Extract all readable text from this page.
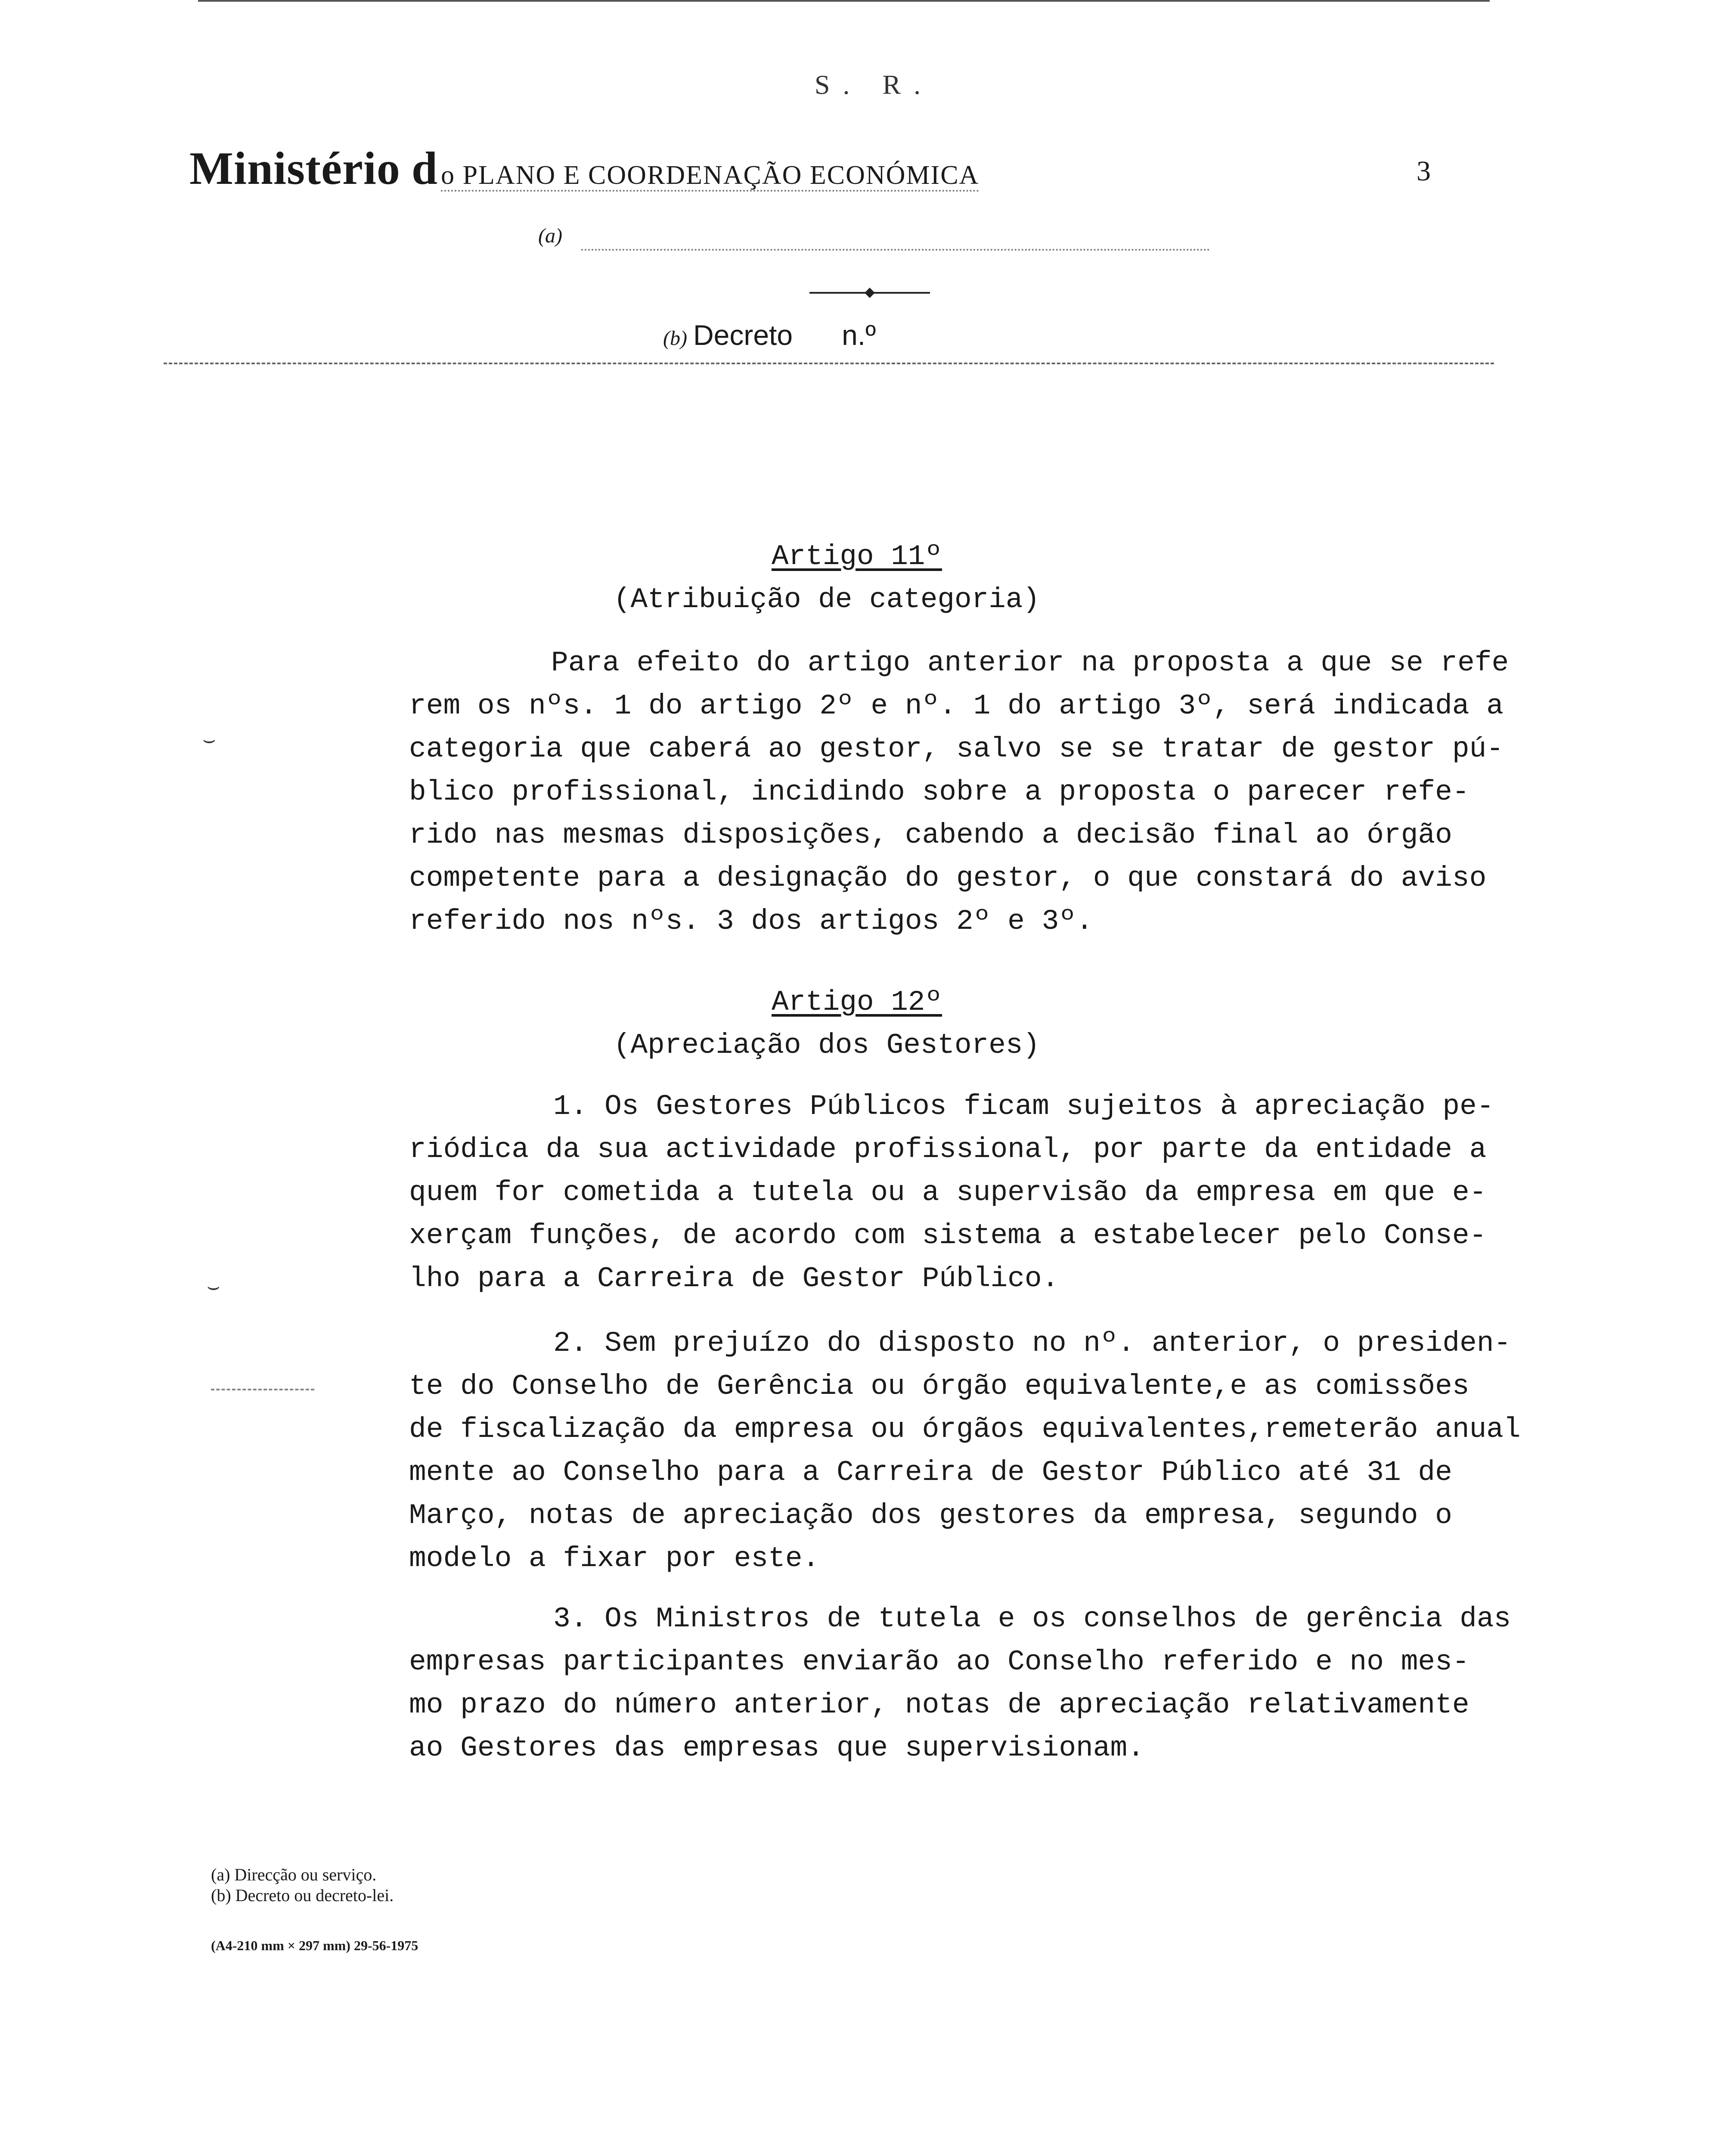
S. R.
Ministério d o PLANO E COORDENAÇÃO ECONÓMICA	3
(a)
(b) Decreto n.º
Artigo 11º
(Atribuição de categoria)
Para efeito do artigo anterior na proposta a que se refe
rem os nºs. 1 do artigo 2º e nº. 1 do artigo 3º, será indicada a
categoria que caberá ao gestor, salvo se se tratar de gestor pú-
blico profissional, incidindo sobre a proposta o parecer refe-
rido nas mesmas disposições, cabendo a decisão final ao órgão
competente para a designação do gestor, o que constará do aviso
referido nos nºs. 3 dos artigos 2º e 3º.
Artigo 12º
(Apreciação dos Gestores)
1. Os Gestores Públicos ficam sujeitos à apreciação pe-
riódica da sua actividade profissional, por parte da entidade a
quem for cometida a tutela ou a supervisão da empresa em que e-
xerçam funções, de acordo com sistema a estabelecer pelo Conse-
lho para a Carreira de Gestor Público.
2. Sem prejuízo do disposto no nº. anterior, o presiden-
te do Conselho de Gerência ou órgão equivalente,e as comissões
de fiscalização da empresa ou órgãos equivalentes,remeterão anual
mente ao Conselho para a Carreira de Gestor Público até 31 de
Março, notas de apreciação dos gestores da empresa, segundo o
modelo a fixar por este.
3. Os Ministros de tutela e os conselhos de gerência das
empresas participantes enviarão ao Conselho referido e no mes-
mo prazo do número anterior, notas de apreciação relativamente
ao Gestores das empresas que supervisionam.
⌣
⌣
(a) Direcção ou serviço.
(b) Decreto ou decreto-lei.
(A4-210 mm × 297 mm) 29-56-1975
